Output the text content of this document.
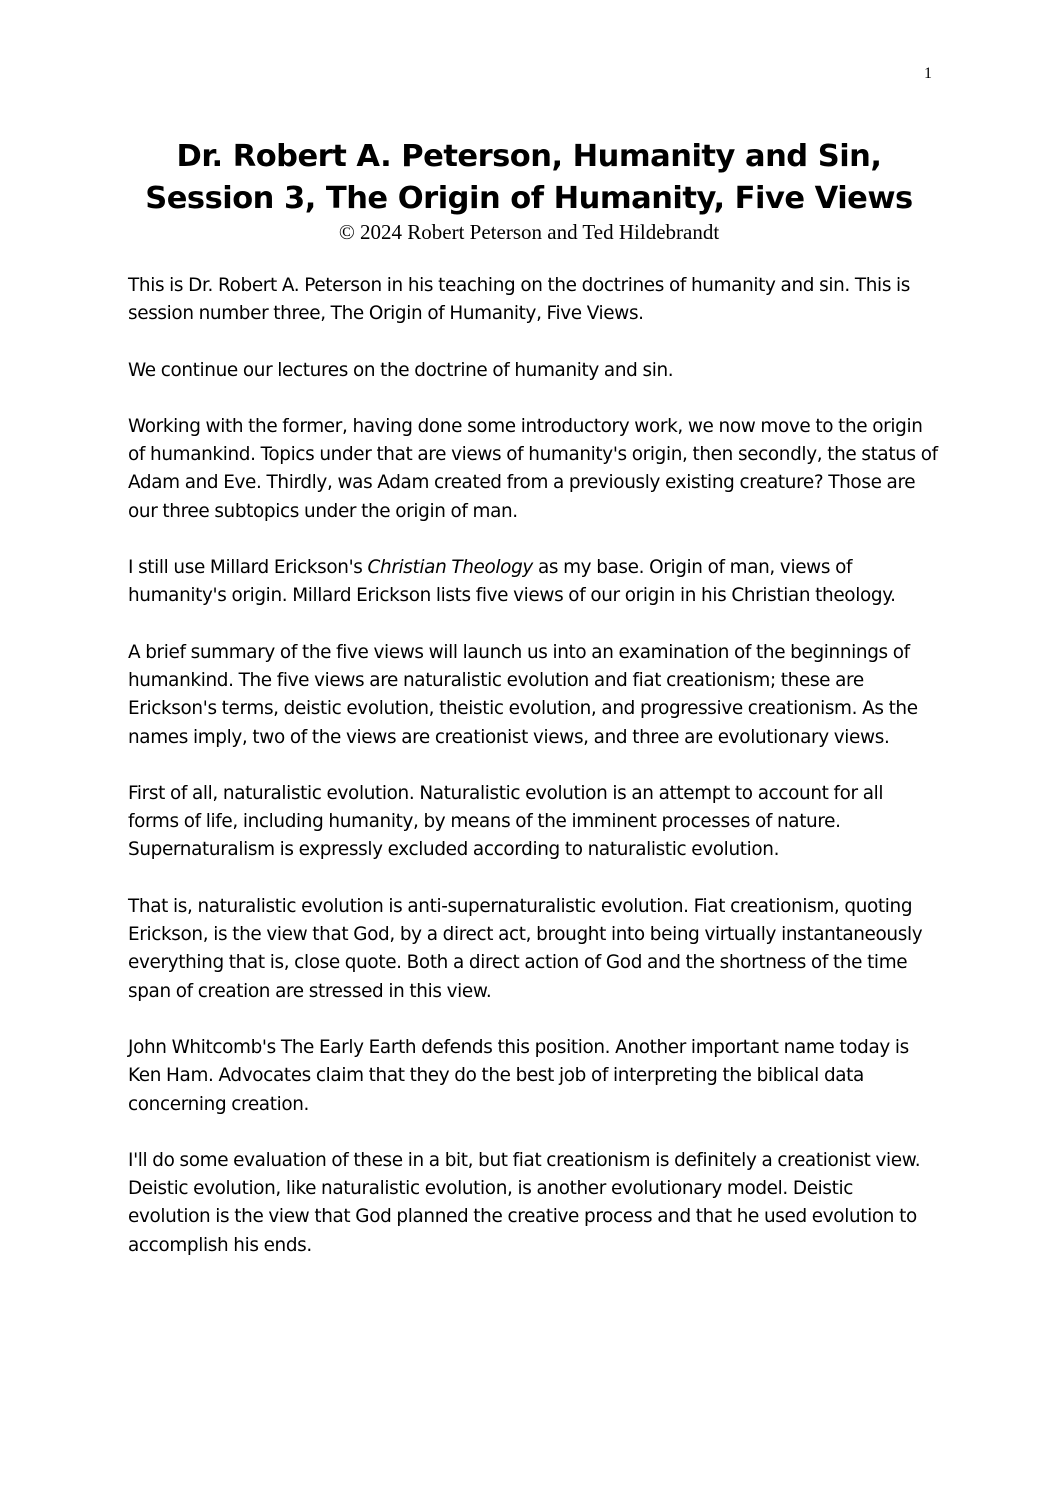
1
Dr. Robert A. Peterson, Humanity and Sin,
Session 3, The Origin of Humanity, Five Views
© 2024 Robert Peterson and Ted Hildebrandt

This is Dr. Robert A. Peterson in his teaching on the doctrines of humanity and sin. This is session number three, The Origin of Humanity, Five Views.

We continue our lectures on the doctrine of humanity and sin.

Working with the former, having done some introductory work, we now move to the origin of humankind. Topics under that are views of humanity's origin, then secondly, the status of Adam and Eve. Thirdly, was Adam created from a previously existing creature? Those are our three subtopics under the origin of man.

I still use Millard Erickson's Christian Theology as my base. Origin of man, views of humanity's origin. Millard Erickson lists five views of our origin in his Christian theology.

A brief summary of the five views will launch us into an examination of the beginnings of humankind. The five views are naturalistic evolution and fiat creationism; these are Erickson's terms, deistic evolution, theistic evolution, and progressive creationism. As the names imply, two of the views are creationist views, and three are evolutionary views.

First of all, naturalistic evolution. Naturalistic evolution is an attempt to account for all forms of life, including humanity, by means of the imminent processes of nature. Supernaturalism is expressly excluded according to naturalistic evolution.

That is, naturalistic evolution is anti-supernaturalistic evolution. Fiat creationism, quoting Erickson, is the view that God, by a direct act, brought into being virtually instantaneously everything that is, close quote. Both a direct action of God and the shortness of the time span of creation are stressed in this view.

John Whitcomb's The Early Earth defends this position. Another important name today is Ken Ham. Advocates claim that they do the best job of interpreting the biblical data concerning creation.

I'll do some evaluation of these in a bit, but fiat creationism is definitely a creationist view. Deistic evolution, like naturalistic evolution, is another evolutionary model. Deistic evolution is the view that God planned the creative process and that he used evolution to accomplish his ends.
